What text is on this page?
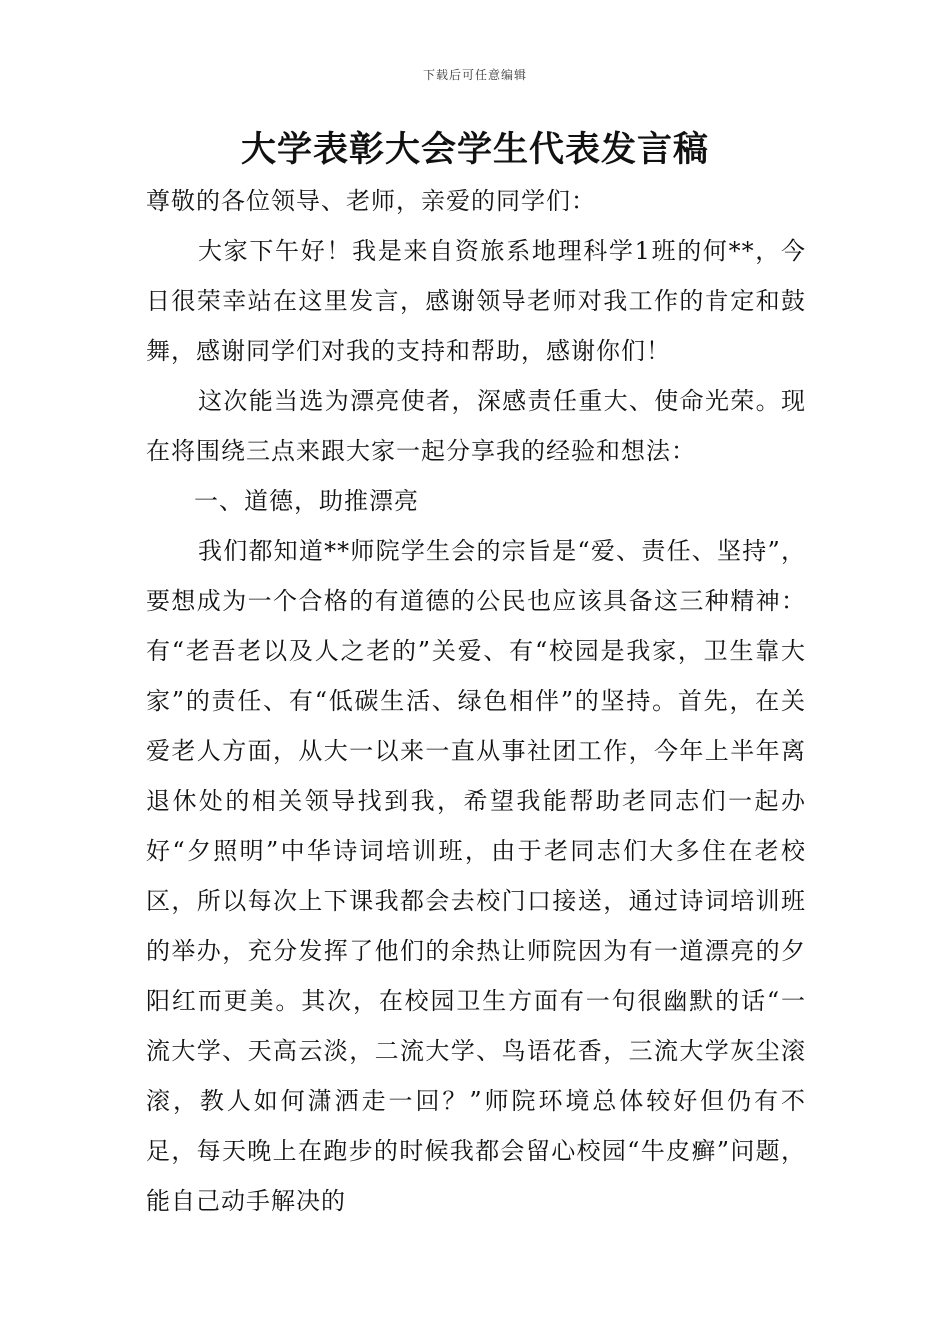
下载后可任意编辑
大学表彰大会学生代表发言稿

尊敬的各位领导、老师，亲爱的同学们：

大家下午好！我是来自资旅系地理科学1班的何**，今日很荣幸站在这里发言，感谢领导老师对我工作的肯定和鼓舞，感谢同学们对我的支持和帮助，感谢你们！

这次能当选为漂亮使者，深感责任重大、使命光荣。现在将围绕三点来跟大家一起分享我的经验和想法：

一、道德，助推漂亮

我们都知道**师院学生会的宗旨是“爱、责任、坚持”，要想成为一个合格的有道德的公民也应该具备这三种精神：有“老吾老以及人之老的”关爱、有“校园是我家，卫生靠大家”的责任、有“低碳生活、绿色相伴”的坚持。首先，在关爱老人方面，从大一以来一直从事社团工作，今年上半年离退休处的相关领导找到我，希望我能帮助老同志们一起办好“夕照明”中华诗词培训班，由于老同志们大多住在老校区，所以每次上下课我都会去校门口接送，通过诗词培训班的举办，充分发挥了他们的余热让师院因为有一道漂亮的夕阳红而更美。其次，在校园卫生方面有一句很幽默的话“一流大学、天高云淡，二流大学、鸟语花香，三流大学灰尘滚滚，教人如何潇洒走一回？”师院环境总体较好但仍有不足，每天晚上在跑步的时候我都会留心校园“牛皮癣”问题，能自己动手解决的
